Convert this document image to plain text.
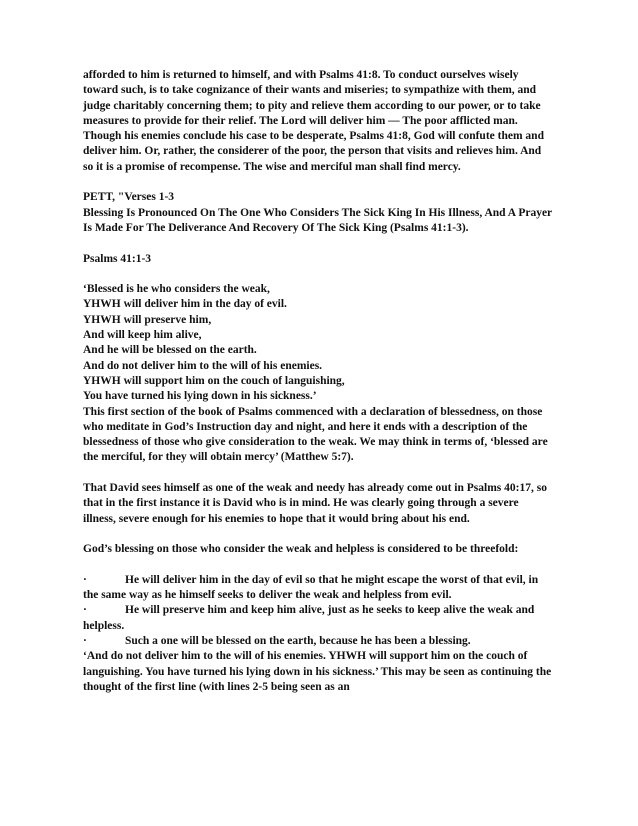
afforded to him is returned to himself, and with Psalms 41:8. To conduct ourselves wisely toward such, is to take cognizance of their wants and miseries; to sympathize with them, and judge charitably concerning them; to pity and relieve them according to our power, or to take measures to provide for their relief. The Lord will deliver him — The poor afflicted man. Though his enemies conclude his case to be desperate, Psalms 41:8, God will confute them and deliver him. Or, rather, the considerer of the poor, the person that visits and relieves him. And so it is a promise of recompense. The wise and merciful man shall find mercy.

PETT, "Verses 1-3

Blessing Is Pronounced On The One Who Considers The Sick King In His Illness, And A Prayer Is Made For The Deliverance And Recovery Of The Sick King (Psalms 41:1-3).

Psalms 41:1-3

‘Blessed is he who considers the weak,

YHWH will deliver him in the day of evil.

YHWH will preserve him,

And will keep him alive,

And he will be blessed on the earth.

And do not deliver him to the will of his enemies.

YHWH will support him on the couch of languishing,

You have turned his lying down in his sickness.’

This first section of the book of Psalms commenced with a declaration of blessedness, on those who meditate in God’s Instruction day and night, and here it ends with a description of the blessedness of those who give consideration to the weak. We may think in terms of, ‘blessed are the merciful, for they will obtain mercy’ (Matthew 5:7).

That David sees himself as one of the weak and needy has already come out in Psalms 40:17, so that in the first instance it is David who is in mind. He was clearly going through a severe illness, severe enough for his enemies to hope that it would bring about his end.

God’s blessing on those who consider the weak and helpless is considered to be threefold:

·	He will deliver him in the day of evil so that he might escape the worst of that evil, in the same way as he himself seeks to deliver the weak and helpless from evil.

·	He will preserve him and keep him alive, just as he seeks to keep alive the weak and helpless.

·	Such a one will be blessed on the earth, because he has been a blessing.

‘And do not deliver him to the will of his enemies. YHWH will support him on the couch of languishing. You have turned his lying down in his sickness.’ This may be seen as continuing the thought of the first line (with lines 2-5 being seen as an
